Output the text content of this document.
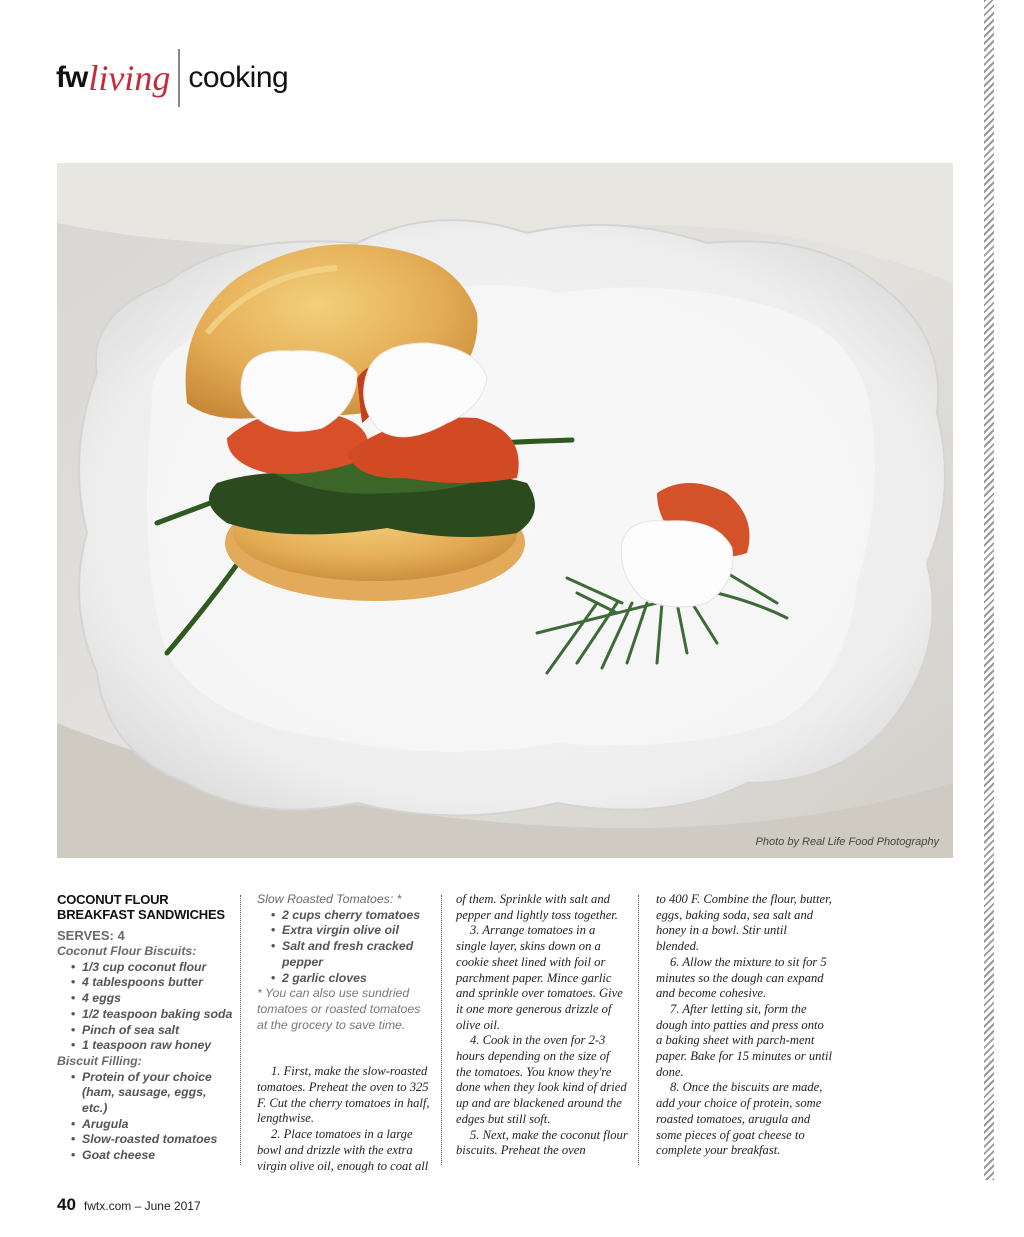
fw living cooking
Photo by Real Life Food Photography
COCONUT FLOUR BREAKFAST SANDWICHES
SERVES: 4
Coconut Flour Biscuits:
• 1/3 cup coconut flour
• 4 tablespoons butter
• 4 eggs
• 1/2 teaspoon baking soda
• Pinch of sea salt
• 1 teaspoon raw honey
Biscuit Filling:
• Protein of your choice (ham, sausage, eggs, etc.)
• Arugula
• Slow-roasted tomatoes
• Goat cheese
Slow Roasted Tomatoes: *
• 2 cups cherry tomatoes
• Extra virgin olive oil
• Salt and fresh cracked pepper
• 2 garlic cloves
* You can also use sundried tomatoes or roasted tomatoes at the grocery to save time.

1. First, make the slow-roasted tomatoes. Preheat the oven to 325 F. Cut the cherry tomatoes in half, lengthwise.

2. Place tomatoes in a large bowl and drizzle with the extra virgin olive oil, enough to coat all

of them. Sprinkle with salt and pepper and lightly toss together.

3. Arrange tomatoes in a single layer, skins down on a cookie sheet lined with foil or parchment paper. Mince garlic and sprinkle over tomatoes. Give it one more generous drizzle of olive oil.

4. Cook in the oven for 2-3 hours depending on the size of the tomatoes. You know they're done when they look kind of dried up and are blackened around the edges but still soft.

5. Next, make the coconut flour biscuits. Preheat the oven

to 400 F. Combine the flour, butter, eggs, baking soda, sea salt and honey in a bowl. Stir until blended.

6. Allow the mixture to sit for 5 minutes so the dough can expand and become cohesive.

7. After letting sit, form the dough into patties and press onto a baking sheet with parch-ment paper. Bake for 15 minutes or until done.

8. Once the biscuits are made, add your choice of protein, some roasted tomatoes, arugula and some pieces of goat cheese to complete your breakfast.

40 fwtx.com – June 2017
